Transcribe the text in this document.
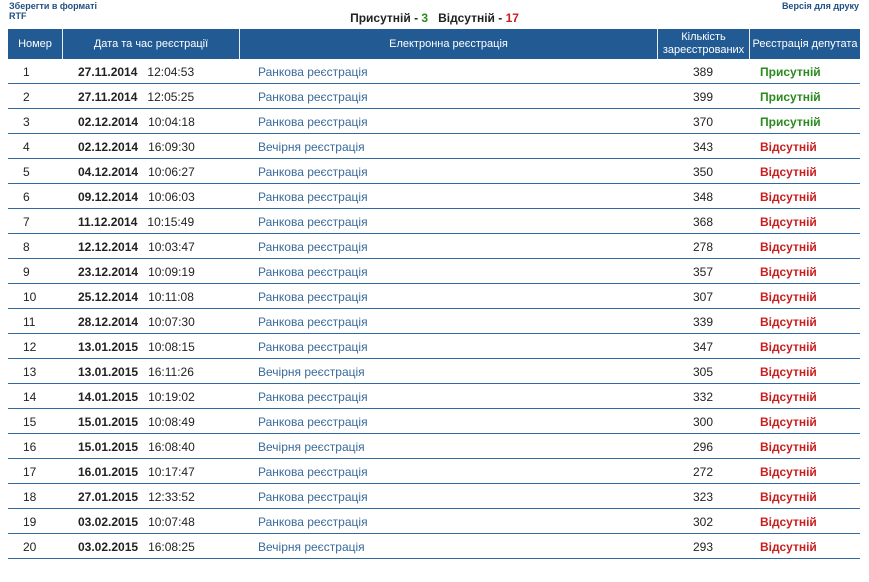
Зберегти в форматі RTF
Версія для друку
Присутній - 3 Відсутній - 17
Номер	Дата та час реєстрації	Електронна реєстрація	Кількість зареєстрованих	Реєстрація депутата
1	27.11.2014 12:04:53	Ранкова реєстрація	389	Присутній
2	27.11.2014 12:05:25	Ранкова реєстрація	399	Присутній
3	02.12.2014 10:04:18	Ранкова реєстрація	370	Присутній
4	02.12.2014 16:09:30	Вечірня реєстрація	343	Відсутній
5	04.12.2014 10:06:27	Ранкова реєстрація	350	Відсутній
6	09.12.2014 10:06:03	Ранкова реєстрація	348	Відсутній
7	11.12.2014 10:15:49	Ранкова реєстрація	368	Відсутній
8	12.12.2014 10:03:47	Ранкова реєстрація	278	Відсутній
9	23.12.2014 10:09:19	Ранкова реєстрація	357	Відсутній
10	25.12.2014 10:11:08	Ранкова реєстрація	307	Відсутній
11	28.12.2014 10:07:30	Ранкова реєстрація	339	Відсутній
12	13.01.2015 10:08:15	Ранкова реєстрація	347	Відсутній
13	13.01.2015 16:11:26	Вечірня реєстрація	305	Відсутній
14	14.01.2015 10:19:02	Ранкова реєстрація	332	Відсутній
15	15.01.2015 10:08:49	Ранкова реєстрація	300	Відсутній
16	15.01.2015 16:08:40	Вечірня реєстрація	296	Відсутній
17	16.01.2015 10:17:47	Ранкова реєстрація	272	Відсутній
18	27.01.2015 12:33:52	Ранкова реєстрація	323	Відсутній
19	03.02.2015 10:07:48	Ранкова реєстрація	302	Відсутній
20	03.02.2015 16:08:25	Вечірня реєстрація	293	Відсутній
